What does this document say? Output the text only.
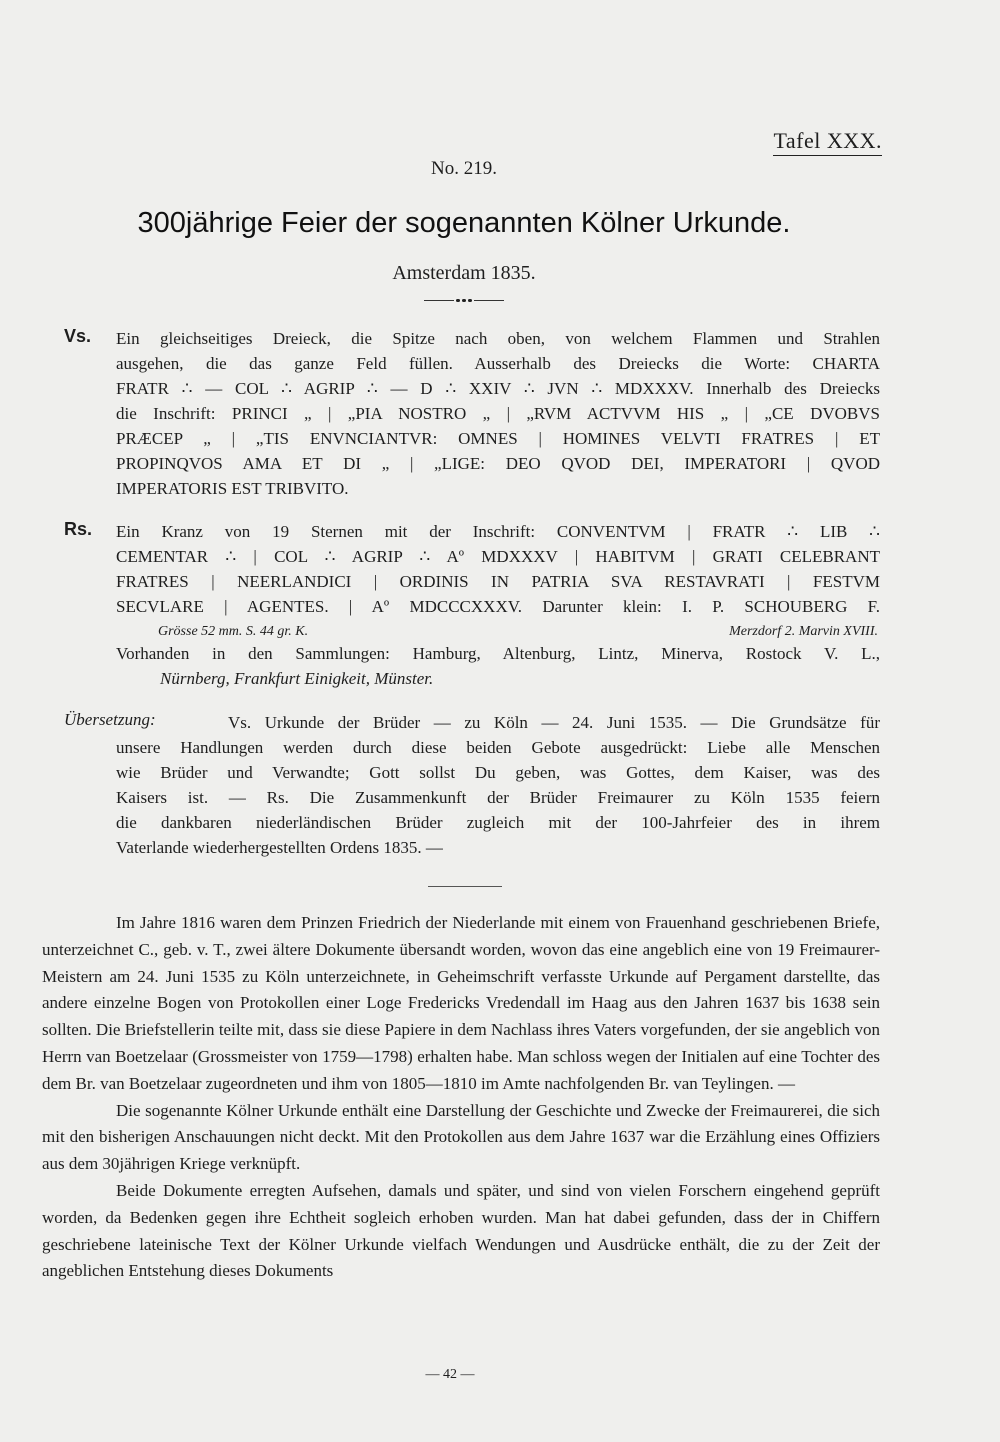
Tafel XXX.
No. 219.
300jährige Feier der sogenannten Kölner Urkunde.
Amsterdam 1835.
Vs. Ein gleichseitiges Dreieck, die Spitze nach oben, von welchem Flammen und Strahlen
ausgehen, die das ganze Feld füllen. Ausserhalb des Dreiecks die Worte: CHARTA
FRATR ∴ — COL ∴ AGRIP ∴ — D ∴ XXIV ∴ JVN ∴ MDXXXV. Innerhalb des Dreiecks
die Inschrift: PRINCI „ | „PIA NOSTRO „ | „RVM ACTVVM HIS „ | „CE DVOBVS
PRÆCEP „ | „TIS ENVNCIANTVR: OMNES | HOMINES VELVTI FRATRES | ET
PROPINQVOS AMA ET DI „ | „LIGE: DEO QVOD DEI, IMPERATORI | QVOD
IMPERATORIS EST TRIBVITO.
Rs. Ein Kranz von 19 Sternen mit der Inschrift: CONVENTVM | FRATR ∴ LIB ∴
CEMENTAR ∴ | COL ∴ AGRIP ∴ Aº MDXXXV | HABITVM | GRATI CELEBRANT
FRATRES | NEERLANDICI | ORDINIS IN PATRIA SVA RESTAVRATI | FESTVM
SECVLARE | AGENTES. | Aº MDCCCXXXV. Darunter klein: I. P. SCHOUBERG F.
Grösse 52 mm. S. 44 gr. K.	Merzdorf 2. Marvin XVIII.
Vorhanden in den Sammlungen: Hamburg, Altenburg, Lintz, Minerva, Rostock V. L.,
Nürnberg, Frankfurt Einigkeit, Münster.
Übersetzung:	Vs. Urkunde der Brüder — zu Köln — 24. Juni 1535. — Die Grundsätze für
unsere Handlungen werden durch diese beiden Gebote ausgedrückt: Liebe alle Menschen
wie Brüder und Verwandte; Gott sollst Du geben, was Gottes, dem Kaiser, was des
Kaisers ist. — Rs. Die Zusammenkunft der Brüder Freimaurer zu Köln 1535 feiern
die dankbaren niederländischen Brüder zugleich mit der 100-Jahrfeier des in ihrem
Vaterlande wiederhergestellten Ordens 1835. —

Im Jahre 1816 waren dem Prinzen Friedrich der Niederlande mit einem von Frauenhand geschriebenen Briefe, unterzeichnet C., geb. v. T., zwei ältere Dokumente übersandt worden, wovon das eine angeblich eine von 19 Freimaurer-Meistern am 24. Juni 1535 zu Köln unterzeichnete, in Geheimschrift verfasste Urkunde auf Pergament darstellte, das andere einzelne Bogen von Protokollen einer Loge Fredericks Vredendall im Haag aus den Jahren 1637 bis 1638 sein sollten. Die Briefstellerin teilte mit, dass sie diese Papiere in dem Nachlass ihres Vaters vorgefunden, der sie angeblich von Herrn van Boetzelaar (Grossmeister von 1759—1798) erhalten habe. Man schloss wegen der Initialen auf eine Tochter des dem Br. van Boetzelaar zugeordneten und ihm von 1805—1810 im Amte nachfolgenden Br. van Teylingen. —

Die sogenannte Kölner Urkunde enthält eine Darstellung der Geschichte und Zwecke der Freimaurerei, die sich mit den bisherigen Anschauungen nicht deckt. Mit den Protokollen aus dem Jahre 1637 war die Erzählung eines Offiziers aus dem 30jährigen Kriege verknüpft.

Beide Dokumente erregten Aufsehen, damals und später, und sind von vielen Forschern eingehend geprüft worden, da Bedenken gegen ihre Echtheit sogleich erhoben wurden. Man hat dabei gefunden, dass der in Chiffern geschriebene lateinische Text der Kölner Urkunde vielfach Wendungen und Ausdrücke enthält, die zu der Zeit der angeblichen Entstehung dieses Dokuments

— 42 —
